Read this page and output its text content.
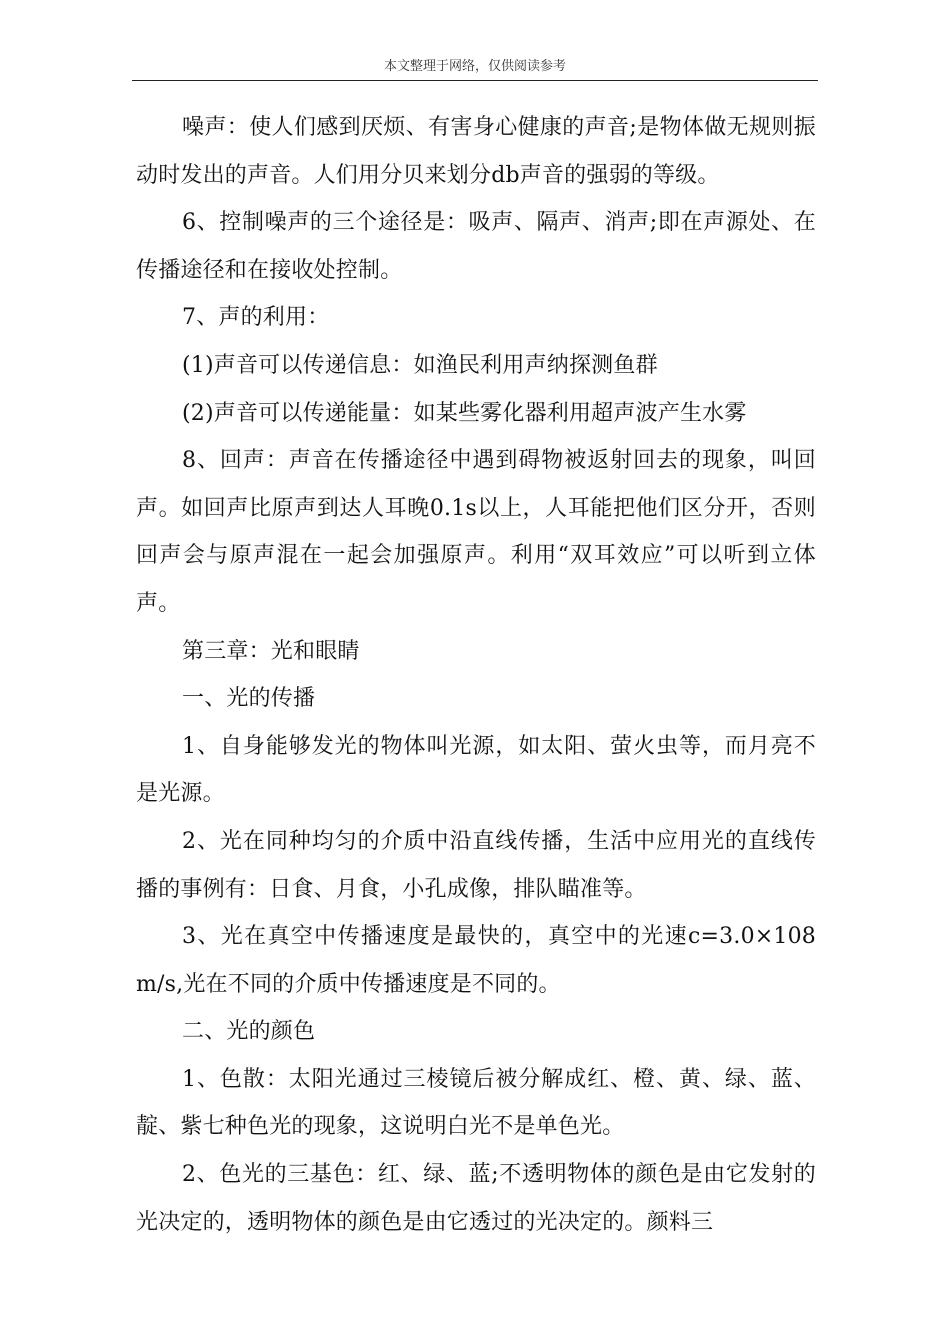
本文整理于网络，仅供阅读参考

噪声：使人们感到厌烦、有害身心健康的声音;是物体做无规则振动时发出的声音。人们用分贝来划分db声音的强弱的等级。

6、控制噪声的三个途径是：吸声、隔声、消声;即在声源处、在传播途径和在接收处控制。

7、声的利用：

(1)声音可以传递信息：如渔民利用声纳探测鱼群

(2)声音可以传递能量：如某些雾化器利用超声波产生水雾

8、回声：声音在传播途径中遇到碍物被返射回去的现象，叫回声。如回声比原声到达人耳晚0.1s以上，人耳能把他们区分开，否则回声会与原声混在一起会加强原声。利用“双耳效应”可以听到立体声。

第三章：光和眼睛

一、光的传播

1、自身能够发光的物体叫光源，如太阳、萤火虫等，而月亮不是光源。

2、光在同种均匀的介质中沿直线传播，生活中应用光的直线传播的事例有：日食、月食，小孔成像，排队瞄准等。

3、光在真空中传播速度是最快的，真空中的光速c=3.0×108m/s,光在不同的介质中传播速度是不同的。

二、光的颜色

1、色散：太阳光通过三棱镜后被分解成红、橙、黄、绿、蓝、靛、紫七种色光的现象，这说明白光不是单色光。

2、色光的三基色：红、绿、蓝;不透明物体的颜色是由它发射的光决定的，透明物体的颜色是由它透过的光决定的。颜料三
